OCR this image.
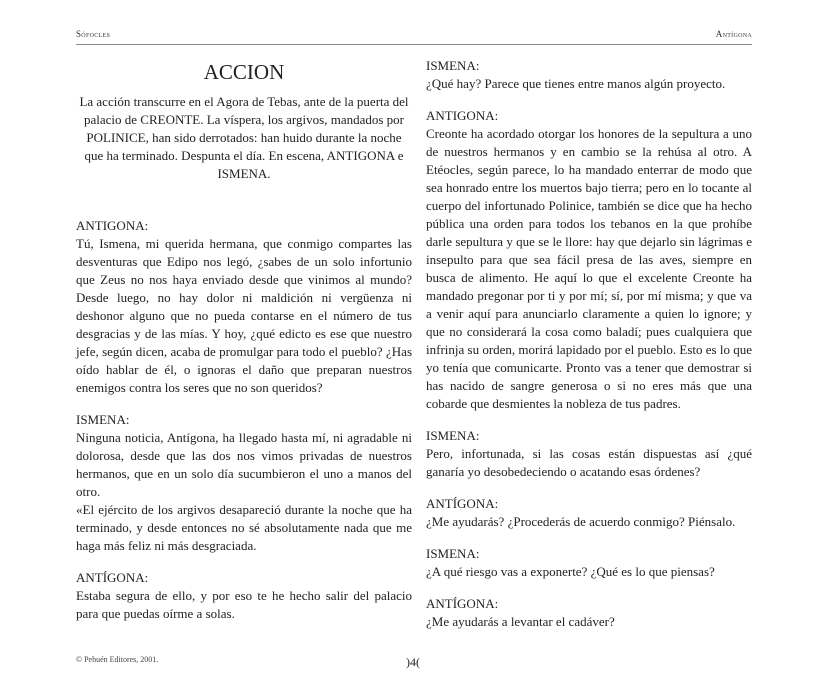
Sófocles	Antígona
ACCION
La acción transcurre en el Agora de Tebas, ante de la puerta del palacio de CREONTE. La víspera, los argivos, mandados por POLINICE, han sido derrotados: han huido durante la noche que ha terminado. Despunta el día. En escena, ANTIGONA e ISMENA.
ANTIGONA:
Tú, Ismena, mi querida hermana, que conmigo compartes las desventuras que Edipo nos legó, ¿sabes de un solo infortunio que Zeus no nos haya enviado desde que vinimos al mundo? Desde luego, no hay dolor ni maldición ni vergüenza ni deshonor alguno que no pueda contarse en el número de tus desgracias y de las mías. Y hoy, ¿qué edicto es ese que nuestro jefe, según dicen, acaba de promulgar para todo el pueblo? ¿Has oído hablar de él, o ignoras el daño que preparan nuestros enemigos contra los seres que no son queridos?
ISMENA:
Ninguna noticia, Antígona, ha llegado hasta mí, ni agradable ni dolorosa, desde que las dos nos vimos privadas de nuestros hermanos, que en un solo día sucumbieron el uno a manos del otro.
«El ejército de los argivos desapareció durante la noche que ha terminado, y desde entonces no sé absolutamente nada que me haga más feliz ni más desgraciada.
ANTÍGONA:
Estaba segura de ello, y por eso te he hecho salir del palacio para que puedas oírme a solas.
ISMENA:
¿Qué hay? Parece que tienes entre manos algún proyecto.
ANTIGONA:
Creonte ha acordado otorgar los honores de la sepultura a uno de nuestros hermanos y en cambio se la rehúsa al otro. A Etéocles, según parece, lo ha mandado enterrar de modo que sea honrado entre los muertos bajo tierra; pero en lo tocante al cuerpo del infortunado Polinice, también se dice que ha hecho pública una orden para todos los tebanos en la que prohíbe darle sepultura y que se le llore: hay que dejarlo sin lágrimas e insepulto para que sea fácil presa de las aves, siempre en busca de alimento. He aquí lo que el excelente Creonte ha mandado pregonar por ti y por mí; sí, por mí misma; y que va a venir aquí para anunciarlo claramente a quien lo ignore; y que no considerará la cosa como baladí; pues cualquiera que infrinja su orden, morirá lapidado por el pueblo. Esto es lo que yo tenía que comunicarte. Pronto vas a tener que demostrar si has nacido de sangre generosa o si no eres más que una cobarde que desmientes la nobleza de tus padres.
ISMENA:
Pero, infortunada, si las cosas están dispuestas así ¿qué ganaría yo desobedeciendo o acatando esas órdenes?
ANTÍGONA:
¿Me ayudarás? ¿Procederás de acuerdo conmigo? Piénsalo.
ISMENA:
¿A qué riesgo vas a exponerte? ¿Qué es lo que piensas?
ANTÍGONA:
¿Me ayudarás a levantar el cadáver?
© Pehuén Editores, 2001.	)4(
